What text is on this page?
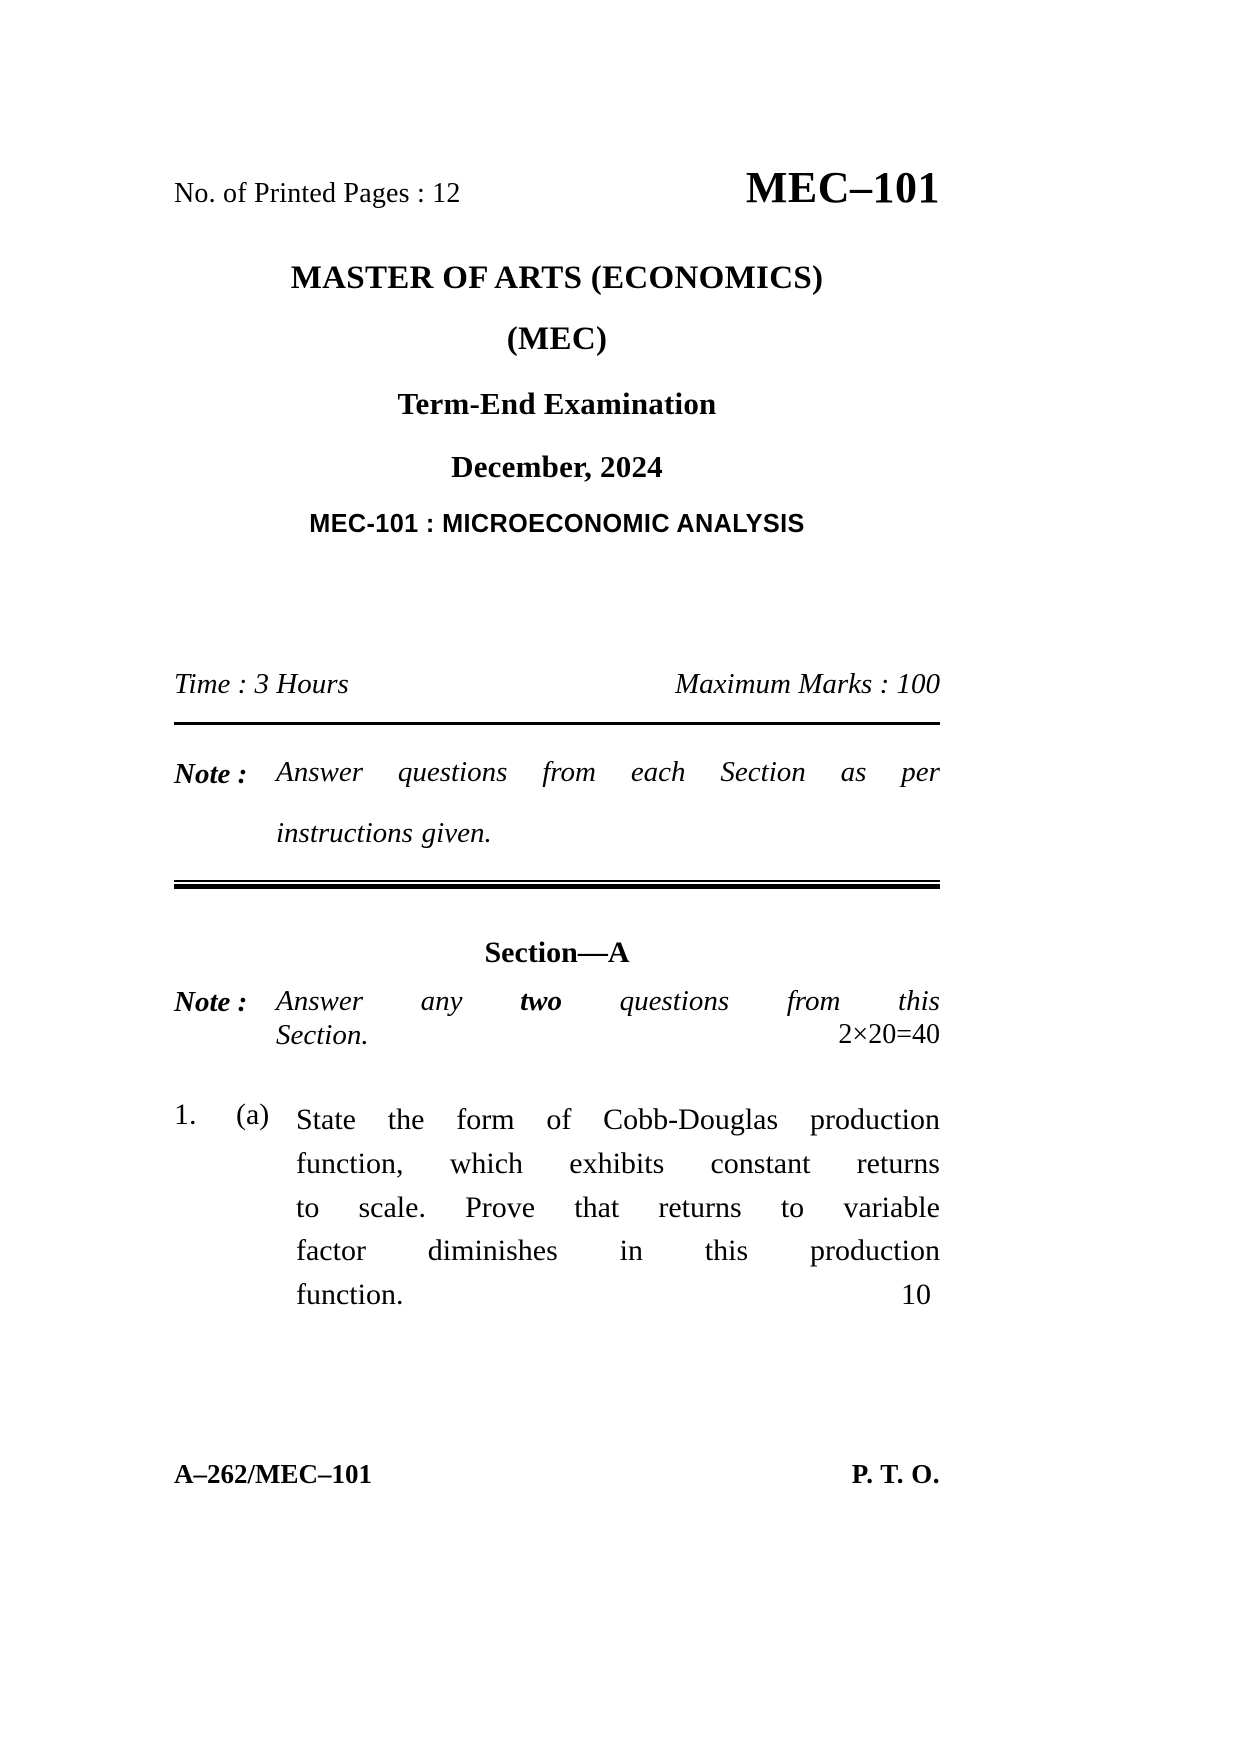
No. of Printed Pages : 12	MEC–101
MASTER OF ARTS (ECONOMICS)
(MEC)
Term-End Examination
December, 2024
MEC-101 : MICROECONOMIC ANALYSIS
Time : 3 Hours	Maximum Marks : 100
Note : Answer questions from each Section as per
instructions given.
Section—A
Note : Answer any two questions from this
2×20=40
Section.
1.	(a) State the form of Cobb-Douglas production
function, which exhibits constant returns
to scale. Prove that returns to variable
factor diminishes in this production
function.	10
A–262/MEC–101	P. T. O.
